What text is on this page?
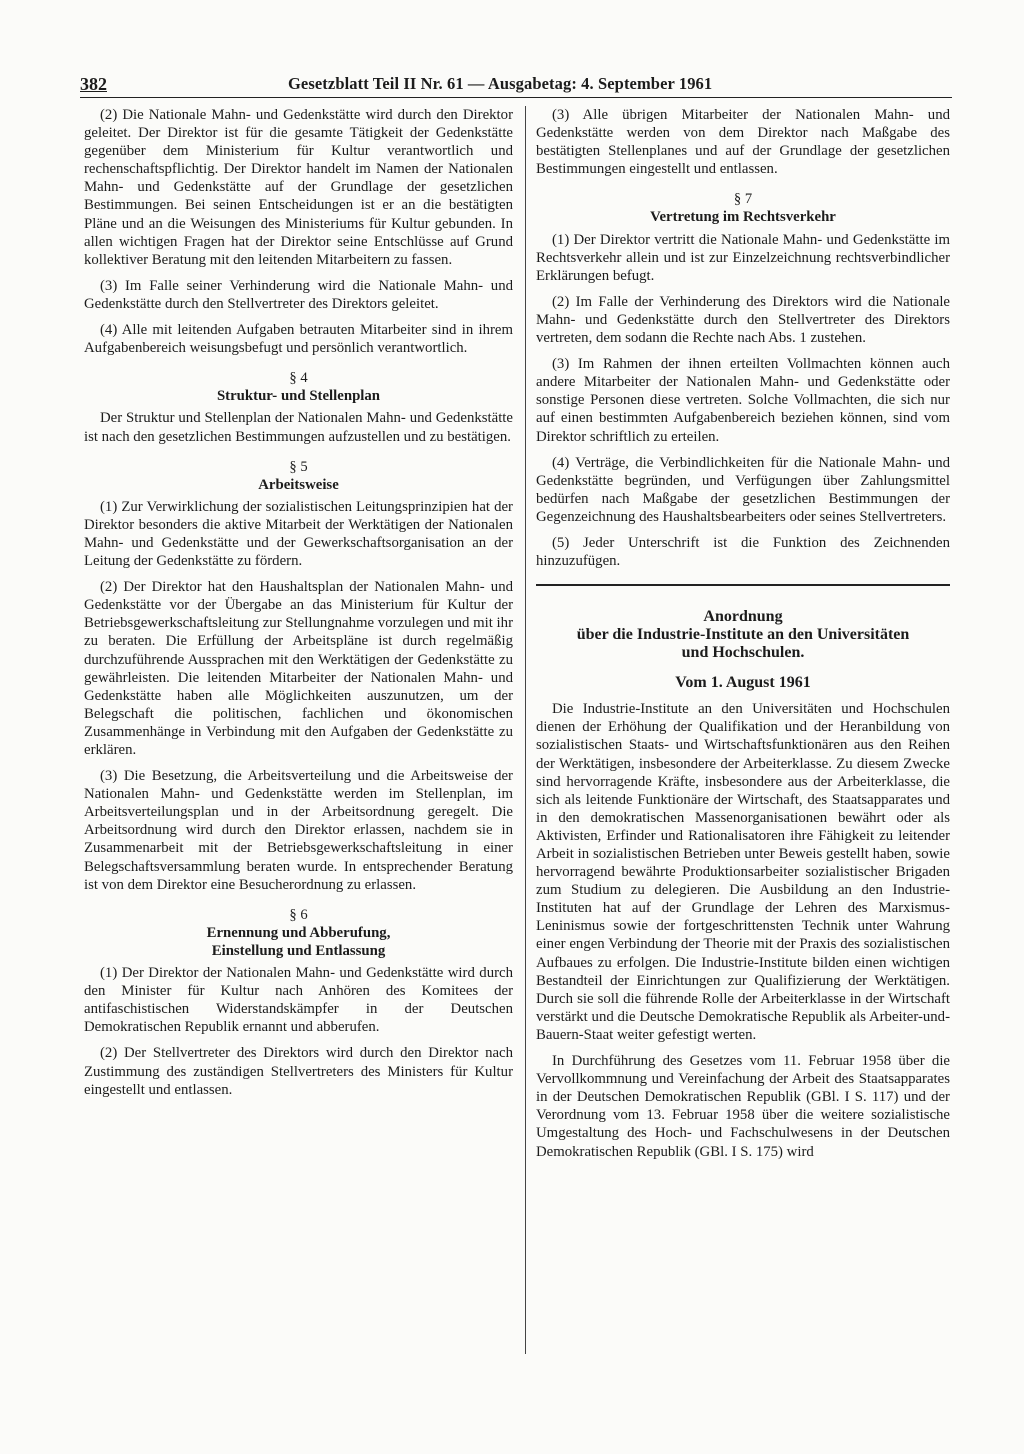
382	Gesetzblatt Teil II Nr. 61 — Ausgabetag: 4. September 1961

(2) Die Nationale Mahn- und Gedenkstätte wird durch den Direktor geleitet. Der Direktor ist für die gesamte Tätigkeit der Gedenkstätte gegenüber dem Ministerium für Kultur verantwortlich und rechenschaftspflichtig. Der Direktor handelt im Namen der Nationalen Mahn- und Gedenkstätte auf der Grundlage der gesetzlichen Bestimmungen. Bei seinen Entscheidungen ist er an die bestätigten Pläne und an die Weisungen des Ministeriums für Kultur gebunden. In allen wichtigen Fragen hat der Direktor seine Entschlüsse auf Grund kollektiver Beratung mit den leitenden Mitarbeitern zu fassen.

(3) Im Falle seiner Verhinderung wird die Nationale Mahn- und Gedenkstätte durch den Stellvertreter des Direktors geleitet.

(4) Alle mit leitenden Aufgaben betrauten Mitarbeiter sind in ihrem Aufgabenbereich weisungsbefugt und persönlich verantwortlich.

§ 4
Struktur- und Stellenplan

Der Struktur und Stellenplan der Nationalen Mahn- und Gedenkstätte ist nach den gesetzlichen Bestimmungen aufzustellen und zu bestätigen.

§ 5
Arbeitsweise

(1) Zur Verwirklichung der sozialistischen Leitungsprinzipien hat der Direktor besonders die aktive Mitarbeit der Werktätigen der Nationalen Mahn- und Gedenkstätte und der Gewerkschaftsorganisation an der Leitung der Gedenkstätte zu fördern.

(2) Der Direktor hat den Haushaltsplan der Nationalen Mahn- und Gedenkstätte vor der Übergabe an das Ministerium für Kultur der Betriebsgewerkschaftsleitung zur Stellungnahme vorzulegen und mit ihr zu beraten. Die Erfüllung der Arbeitspläne ist durch regelmäßig durchzuführende Aussprachen mit den Werktätigen der Gedenkstätte zu gewährleisten. Die leitenden Mitarbeiter der Nationalen Mahn- und Gedenkstätte haben alle Möglichkeiten auszunutzen, um der Belegschaft die politischen, fachlichen und ökonomischen Zusammenhänge in Verbindung mit den Aufgaben der Gedenkstätte zu erklären.

(3) Die Besetzung, die Arbeitsverteilung und die Arbeitsweise der Nationalen Mahn- und Gedenkstätte werden im Stellenplan, im Arbeitsverteilungsplan und in der Arbeitsordnung geregelt. Die Arbeitsordnung wird durch den Direktor erlassen, nachdem sie in Zusammenarbeit mit der Betriebsgewerkschaftsleitung in einer Belegschaftsversammlung beraten wurde. In entsprechender Beratung ist von dem Direktor eine Besucherordnung zu erlassen.

§ 6
Ernennung und Abberufung,
Einstellung und Entlassung

(1) Der Direktor der Nationalen Mahn- und Gedenkstätte wird durch den Minister für Kultur nach Anhören des Komitees der antifaschistischen Widerstandskämpfer in der Deutschen Demokratischen Republik ernannt und abberufen.

(2) Der Stellvertreter des Direktors wird durch den Direktor nach Zustimmung des zuständigen Stellvertreters des Ministers für Kultur eingestellt und entlassen.

(3) Alle übrigen Mitarbeiter der Nationalen Mahn- und Gedenkstätte werden von dem Direktor nach Maßgabe des bestätigten Stellenplanes und auf der Grundlage der gesetzlichen Bestimmungen eingestellt und entlassen.

§ 7
Vertretung im Rechtsverkehr

(1) Der Direktor vertritt die Nationale Mahn- und Gedenkstätte im Rechtsverkehr allein und ist zur Einzelzeichnung rechtsverbindlicher Erklärungen befugt.

(2) Im Falle der Verhinderung des Direktors wird die Nationale Mahn- und Gedenkstätte durch den Stellvertreter des Direktors vertreten, dem sodann die Rechte nach Abs. 1 zustehen.

(3) Im Rahmen der ihnen erteilten Vollmachten können auch andere Mitarbeiter der Nationalen Mahn- und Gedenkstätte oder sonstige Personen diese vertreten. Solche Vollmachten, die sich nur auf einen bestimmten Aufgabenbereich beziehen können, sind vom Direktor schriftlich zu erteilen.

(4) Verträge, die Verbindlichkeiten für die Nationale Mahn- und Gedenkstätte begründen, und Verfügungen über Zahlungsmittel bedürfen nach Maßgabe der gesetzlichen Bestimmungen der Gegenzeichnung des Haushaltsbearbeiters oder seines Stellvertreters.

(5) Jeder Unterschrift ist die Funktion des Zeichnenden hinzuzufügen.

Anordnung
über die Industrie-Institute an den Universitäten
und Hochschulen.
Vom 1. August 1961

Die Industrie-Institute an den Universitäten und Hochschulen dienen der Erhöhung der Qualifikation und der Heranbildung von sozialistischen Staats- und Wirtschaftsfunktionären aus den Reihen der Werktätigen, insbesondere der Arbeiterklasse. Zu diesem Zwecke sind hervorragende Kräfte, insbesondere aus der Arbeiterklasse, die sich als leitende Funktionäre der Wirtschaft, des Staatsapparates und in den demokratischen Massenorganisationen bewährt oder als Aktivisten, Erfinder und Rationalisatoren ihre Fähigkeit zu leitender Arbeit in sozialistischen Betrieben unter Beweis gestellt haben, sowie hervorragend bewährte Produktionsarbeiter sozialistischer Brigaden zum Studium zu delegieren. Die Ausbildung an den Industrie-Instituten hat auf der Grundlage der Lehren des Marxismus-Leninismus sowie der fortgeschrittensten Technik unter Wahrung einer engen Verbindung der Theorie mit der Praxis des sozialistischen Aufbaues zu erfolgen. Die Industrie-Institute bilden einen wichtigen Bestandteil der Einrichtungen zur Qualifizierung der Werktätigen. Durch sie soll die führende Rolle der Arbeiterklasse in der Wirtschaft verstärkt und die Deutsche Demokratische Republik als Arbeiter-und-Bauern-Staat weiter gefestigt werten.

In Durchführung des Gesetzes vom 11. Februar 1958 über die Vervollkommnung und Vereinfachung der Arbeit des Staatsapparates in der Deutschen Demokratischen Republik (GBl. I S. 117) und der Verordnung vom 13. Februar 1958 über die weitere sozialistische Umgestaltung des Hoch- und Fachschulwesens in der Deutschen Demokratischen Republik (GBl. I S. 175) wird
